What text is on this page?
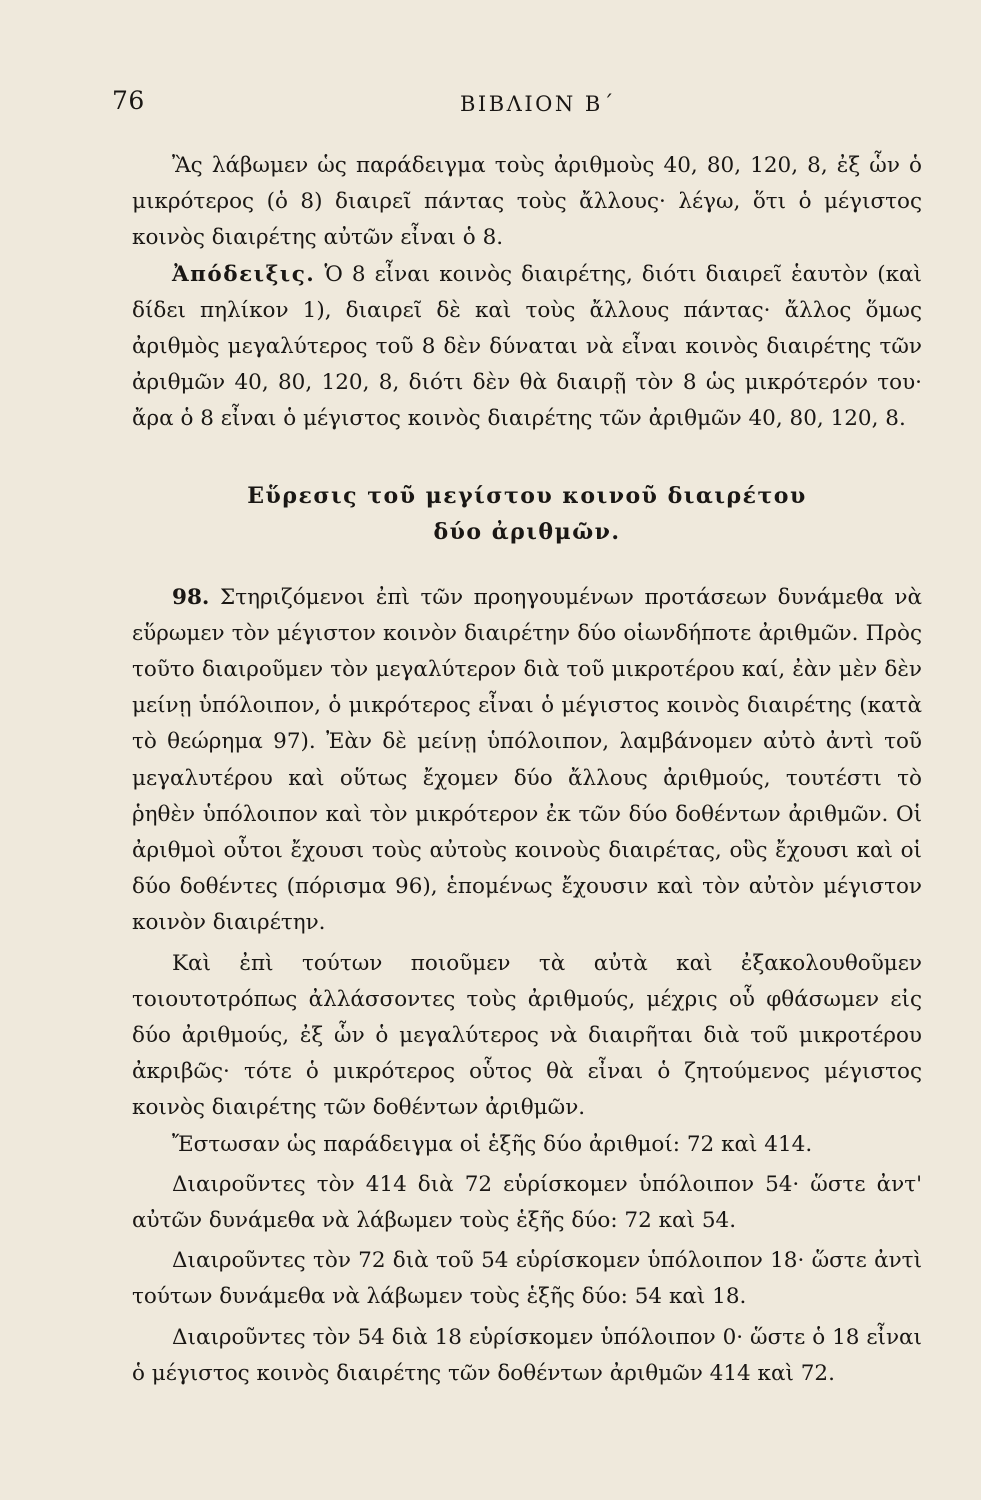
76	ΒΙΒΛΙΟΝ Β΄

Ἂς λάβωμεν ὡς παράδειγμα τοὺς ἀριθμοὺς 40, 80, 120, 8, ἐξ ὧν ὁ μικρότερος (ὁ 8) διαιρεῖ πάντας τοὺς ἄλλους· λέγω, ὅτι ὁ μέγιστος κοινὸς διαιρέτης αὐτῶν εἶναι ὁ 8.

Ἀπόδειξις. Ὁ 8 εἶναι κοινὸς διαιρέτης, διότι διαιρεῖ ἑαυτὸν (καὶ δίδει πηλίκον 1), διαιρεῖ δὲ καὶ τοὺς ἄλλους πάντας· ἄλλος ὅμως ἀριθμὸς μεγαλύτερος τοῦ 8 δὲν δύναται νὰ εἶναι κοινὸς διαιρέτης τῶν ἀριθμῶν 40, 80, 120, 8, διότι δὲν θὰ διαιρῇ τὸν 8 ὡς μικρότερόν του· ἄρα ὁ 8 εἶναι ὁ μέγιστος κοινὸς διαιρέτης τῶν ἀριθμῶν 40, 80, 120, 8.

Εὕρεσις τοῦ μεγίστου κοινοῦ διαιρέτου
δύο ἀριθμῶν.

98. Στηριζόμενοι ἐπὶ τῶν προηγουμένων προτάσεων δυνάμεθα νὰ εὕρωμεν τὸν μέγιστον κοινὸν διαιρέτην δύο οἱωνδήποτε ἀριθμῶν. Πρὸς τοῦτο διαιροῦμεν τὸν μεγαλύτερον διὰ τοῦ μικροτέρου καί, ἐὰν μὲν δὲν μείνῃ ὑπόλοιπον, ὁ μικρότερος εἶναι ὁ μέγιστος κοινὸς διαιρέτης (κατὰ τὸ θεώρημα 97). Ἐὰν δὲ μείνῃ ὑπόλοιπον, λαμβάνομεν αὐτὸ ἀντὶ τοῦ μεγαλυτέρου καὶ οὕτως ἔχομεν δύο ἄλλους ἀριθμούς, τουτέστι τὸ ῥηθὲν ὑπόλοιπον καὶ τὸν μικρότερον ἐκ τῶν δύο δοθέντων ἀριθμῶν. Οἱ ἀριθμοὶ οὗτοι ἔχουσι τοὺς αὐτοὺς κοινοὺς διαιρέτας, οὓς ἔχουσι καὶ οἱ δύο δοθέντες (πόρισμα 96), ἑπομένως ἔχουσιν καὶ τὸν αὐτὸν μέγιστον κοινὸν διαιρέτην.

Καὶ ἐπὶ τούτων ποιοῦμεν τὰ αὐτὰ καὶ ἐξακολουθοῦμεν τοιουτοτρόπως ἀλλάσσοντες τοὺς ἀριθμούς, μέχρις οὗ φθάσωμεν εἰς δύο ἀριθμούς, ἐξ ὧν ὁ μεγαλύτερος νὰ διαιρῆται διὰ τοῦ μικροτέρου ἀκριβῶς· τότε ὁ μικρότερος οὗτος θὰ εἶναι ὁ ζητούμενος μέγιστος κοινὸς διαιρέτης τῶν δοθέντων ἀριθμῶν.

Ἔστωσαν ὡς παράδειγμα οἱ ἑξῆς δύο ἀριθμοί: 72 καὶ 414.

Διαιροῦντες τὸν 414 διὰ 72 εὑρίσκομεν ὑπόλοιπον 54· ὥστε ἀντ' αὐτῶν δυνάμεθα νὰ λάβωμεν τοὺς ἑξῆς δύο: 72 καὶ 54.

Διαιροῦντες τὸν 72 διὰ τοῦ 54 εὑρίσκομεν ὑπόλοιπον 18· ὥστε ἀντὶ τούτων δυνάμεθα νὰ λάβωμεν τοὺς ἑξῆς δύο: 54 καὶ 18.

Διαιροῦντες τὸν 54 διὰ 18 εὑρίσκομεν ὑπόλοιπον 0· ὥστε ὁ 18 εἶναι ὁ μέγιστος κοινὸς διαιρέτης τῶν δοθέντων ἀριθμῶν 414 καὶ 72.
